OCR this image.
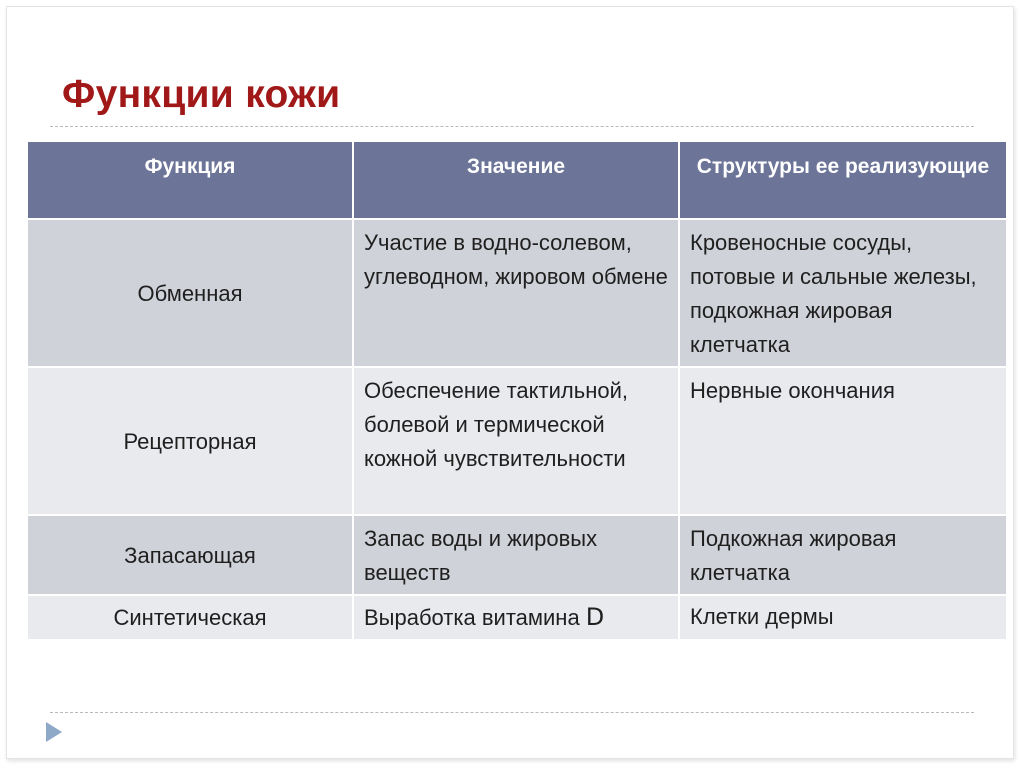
Функции кожи
Функция	Значение	Структуры ее реализующие
Обменная	Участие в водно-солевом, углеводном, жировом обмене	Кровеносные сосуды, потовые и сальные железы, подкожная жировая клетчатка
Рецепторная	Обеспечение тактильной, болевой и термической кожной чувствительности	Нервные окончания
Запасающая	Запас воды и жировых веществ	Подкожная жировая клетчатка
Синтетическая	Выработка витамина D	Клетки дермы
